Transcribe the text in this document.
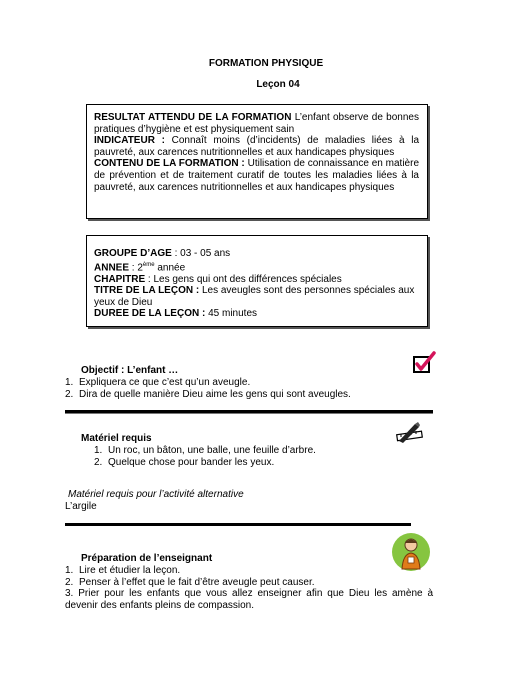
FORMATION PHYSIQUE
Leçon 04

RESULTAT ATTENDU DE LA FORMATION L’enfant observe de bonnes pratiques d’hygiène et est physiquement sain

INDICATEUR : Connaît moins (d’incidents) de maladies liées à la pauvreté, aux carences nutritionnelles et aux handicapes physiques

CONTENU DE LA FORMATION : Utilisation de connaissance en matière de prévention et de traitement curatif de toutes les maladies liées à la pauvreté, aux carences nutritionnelles et aux handicapes physiques

GROUPE D’AGE : 03 - 05 ans

ANNEE : 2ème année

CHAPITRE : Les gens qui ont des différences spéciales

TITRE DE LA LEÇON : Les aveugles sont des personnes spéciales aux yeux de Dieu

DUREE DE LA LEÇON : 45 minutes

Objectif : L’enfant …
1. Expliquera ce que c’est qu’un aveugle.
2. Dira de quelle manière Dieu aime les gens qui sont aveugles.
Matériel requis
1. Un roc, un bâton, une balle, une feuille d’arbre.
2. Quelque chose pour bander les yeux.
Matériel requis pour l’activité alternative
L’argile
Préparation de l’enseignant
1. Lire et étudier la leçon.
2. Penser à l’effet que le fait d’être aveugle peut causer.
3. Prier pour les enfants que vous allez enseigner afin que Dieu les amène à devenir des enfants pleins de compassion.
